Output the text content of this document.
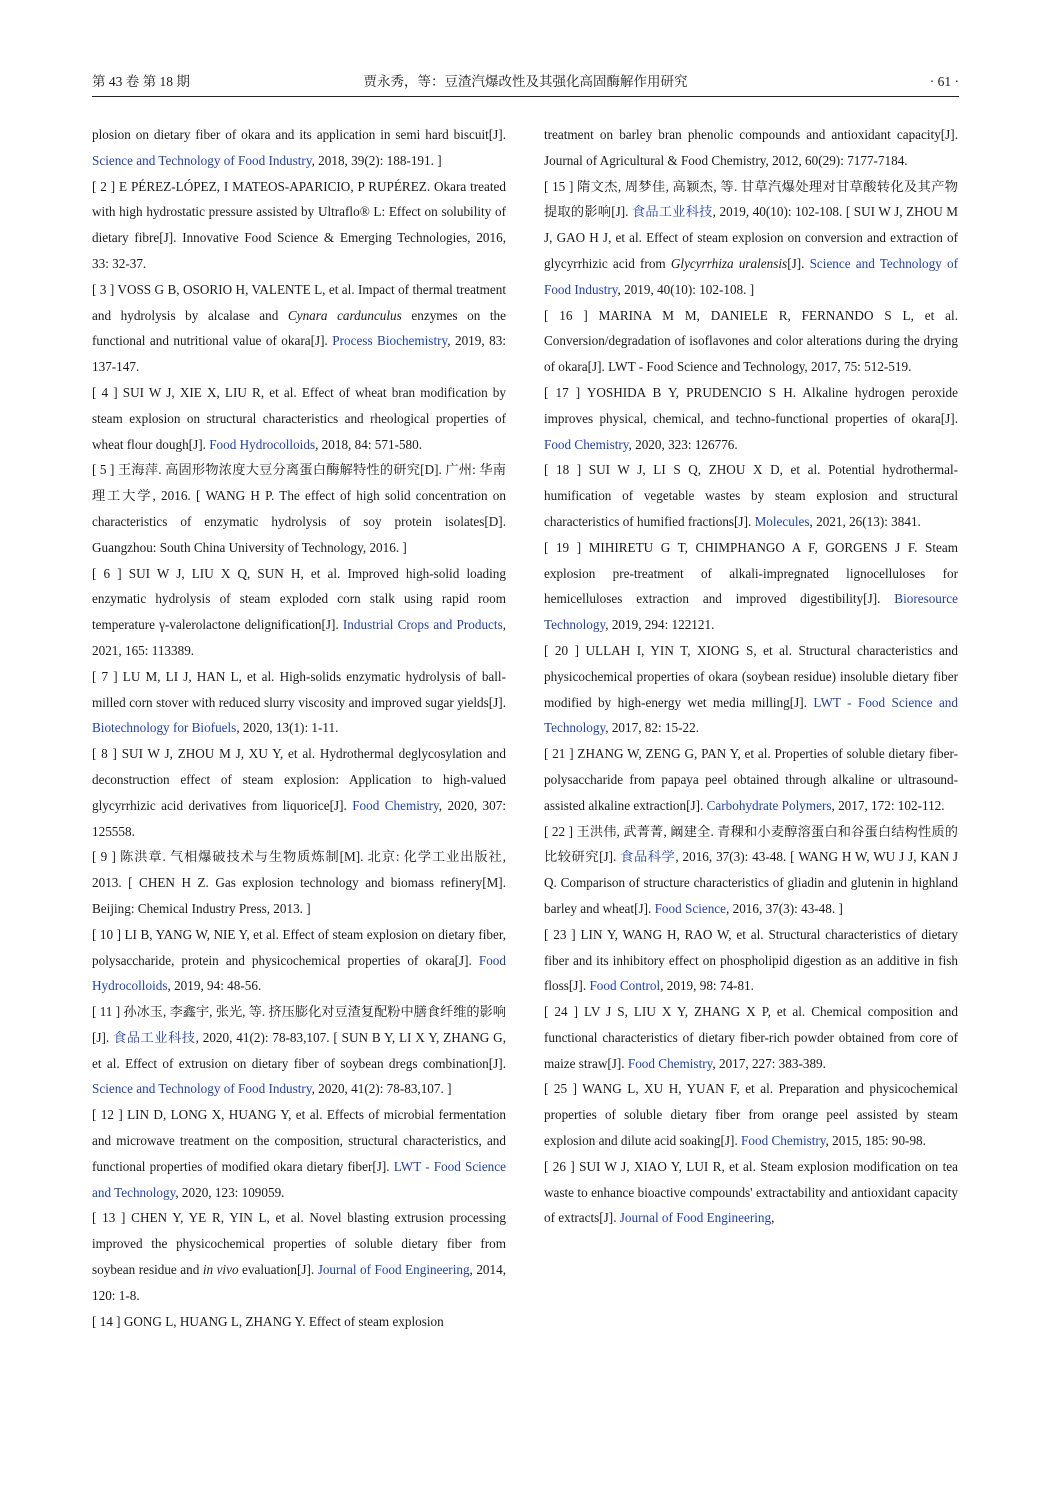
第 43 卷 第 18 期	贾永秀，等：豆渣汽爆改性及其强化高固酶解作用研究	· 61 ·

plosion on dietary fiber of okara and its application in semi hard biscuit[J]. Science and Technology of Food Industry, 2018, 39(2): 188-191. ]

[ 2 ] E PÉREZ-LÓPEZ, I MATEOS-APARICIO, P RUPÉREZ. Okara treated with high hydrostatic pressure assisted by Ultraflo® L: Effect on solubility of dietary fibre[J]. Innovative Food Science & Emerging Technologies, 2016, 33: 32-37.

[ 3 ] VOSS G B, OSORIO H, VALENTE L, et al. Impact of thermal treatment and hydrolysis by alcalase and Cynara cardunculus enzymes on the functional and nutritional value of okara[J]. Process Biochemistry, 2019, 83: 137-147.

[ 4 ] SUI W J, XIE X, LIU R, et al. Effect of wheat bran modification by steam explosion on structural characteristics and rheological properties of wheat flour dough[J]. Food Hydrocolloids, 2018, 84: 571-580.

[ 5 ] 王海萍. 高固形物浓度大豆分离蛋白酶解特性的研究[D]. 广州: 华南理工大学, 2016. [ WANG H P. The effect of high solid concentration on characteristics of enzymatic hydrolysis of soy protein isolates[D]. Guangzhou: South China University of Technology, 2016. ]

[ 6 ] SUI W J, LIU X Q, SUN H, et al. Improved high-solid loading enzymatic hydrolysis of steam exploded corn stalk using rapid room temperature γ-valerolactone delignification[J]. Industrial Crops and Products, 2021, 165: 113389.

[ 7 ] LU M, LI J, HAN L, et al. High-solids enzymatic hydrolysis of ball-milled corn stover with reduced slurry viscosity and improved sugar yields[J]. Biotechnology for Biofuels, 2020, 13(1): 1-11.

[ 8 ] SUI W J, ZHOU M J, XU Y, et al. Hydrothermal deglycosylation and deconstruction effect of steam explosion: Application to high-valued glycyrrhizic acid derivatives from liquorice[J]. Food Chemistry, 2020, 307: 125558.

[ 9 ] 陈洪章. 气相爆破技术与生物质炼制[M]. 北京: 化学工业出版社, 2013. [ CHEN H Z. Gas explosion technology and biomass refinery[M]. Beijing: Chemical Industry Press, 2013. ]

[ 10 ] LI B, YANG W, NIE Y, et al. Effect of steam explosion on dietary fiber, polysaccharide, protein and physicochemical properties of okara[J]. Food Hydrocolloids, 2019, 94: 48-56.

[ 11 ] 孙冰玉, 李鑫宇, 张光, 等. 挤压膨化对豆渣复配粉中膳食纤维的影响[J]. 食品工业科技, 2020, 41(2): 78-83,107. [ SUN B Y, LI X Y, ZHANG G, et al. Effect of extrusion on dietary fiber of soybean dregs combination[J]. Science and Technology of Food Industry, 2020, 41(2): 78-83,107. ]

[ 12 ] LIN D, LONG X, HUANG Y, et al. Effects of microbial fermentation and microwave treatment on the composition, structural characteristics, and functional properties of modified okara dietary fiber[J]. LWT - Food Science and Technology, 2020, 123: 109059.

[ 13 ] CHEN Y, YE R, YIN L, et al. Novel blasting extrusion processing improved the physicochemical properties of soluble dietary fiber from soybean residue and in vivo evaluation[J]. Journal of Food Engineering, 2014, 120: 1-8.

[ 14 ] GONG L, HUANG L, ZHANG Y. Effect of steam explosion

treatment on barley bran phenolic compounds and antioxidant capacity[J]. Journal of Agricultural & Food Chemistry, 2012, 60(29): 7177-7184.

[ 15 ] 隋文杰, 周梦佳, 高颖杰, 等. 甘草汽爆处理对甘草酸转化及其产物提取的影响[J]. 食品工业科技, 2019, 40(10): 102-108. [ SUI W J, ZHOU M J, GAO H J, et al. Effect of steam explosion on conversion and extraction of glycyrrhizic acid from Glycyrrhiza uralensis[J]. Science and Technology of Food Industry, 2019, 40(10): 102-108. ]

[ 16 ] MARINA M M, DANIELE R, FERNANDO S L, et al. Conversion/degradation of isoflavones and color alterations during the drying of okara[J]. LWT - Food Science and Technology, 2017, 75: 512-519.

[ 17 ] YOSHIDA B Y, PRUDENCIO S H. Alkaline hydrogen peroxide improves physical, chemical, and techno-functional properties of okara[J]. Food Chemistry, 2020, 323: 126776.

[ 18 ] SUI W J, LI S Q, ZHOU X D, et al. Potential hydrothermal-humification of vegetable wastes by steam explosion and structural characteristics of humified fractions[J]. Molecules, 2021, 26(13): 3841.

[ 19 ] MIHIRETU G T, CHIMPHANGO A F, GORGENS J F. Steam explosion pre-treatment of alkali-impregnated lignocelluloses for hemicelluloses extraction and improved digestibility[J]. Bioresource Technology, 2019, 294: 122121.

[ 20 ] ULLAH I, YIN T, XIONG S, et al. Structural characteristics and physicochemical properties of okara (soybean residue) insoluble dietary fiber modified by high-energy wet media milling[J]. LWT - Food Science and Technology, 2017, 82: 15-22.

[ 21 ] ZHANG W, ZENG G, PAN Y, et al. Properties of soluble dietary fiber-polysaccharide from papaya peel obtained through alkaline or ultrasound-assisted alkaline extraction[J]. Carbohydrate Polymers, 2017, 172: 102-112.

[ 22 ] 王洪伟, 武菁菁, 阚建全. 青稞和小麦醇溶蛋白和谷蛋白结构性质的比较研究[J]. 食品科学, 2016, 37(3): 43-48. [ WANG H W, WU J J, KAN J Q. Comparison of structure characteristics of gliadin and glutenin in highland barley and wheat[J]. Food Science, 2016, 37(3): 43-48. ]

[ 23 ] LIN Y, WANG H, RAO W, et al. Structural characteristics of dietary fiber and its inhibitory effect on phospholipid digestion as an additive in fish floss[J]. Food Control, 2019, 98: 74-81.

[ 24 ] LV J S, LIU X Y, ZHANG X P, et al. Chemical composition and functional characteristics of dietary fiber-rich powder obtained from core of maize straw[J]. Food Chemistry, 2017, 227: 383-389.

[ 25 ] WANG L, XU H, YUAN F, et al. Preparation and physicochemical properties of soluble dietary fiber from orange peel assisted by steam explosion and dilute acid soaking[J]. Food Chemistry, 2015, 185: 90-98.

[ 26 ] SUI W J, XIAO Y, LUI R, et al. Steam explosion modification on tea waste to enhance bioactive compounds' extractability and antioxidant capacity of extracts[J]. Journal of Food Engineering,
